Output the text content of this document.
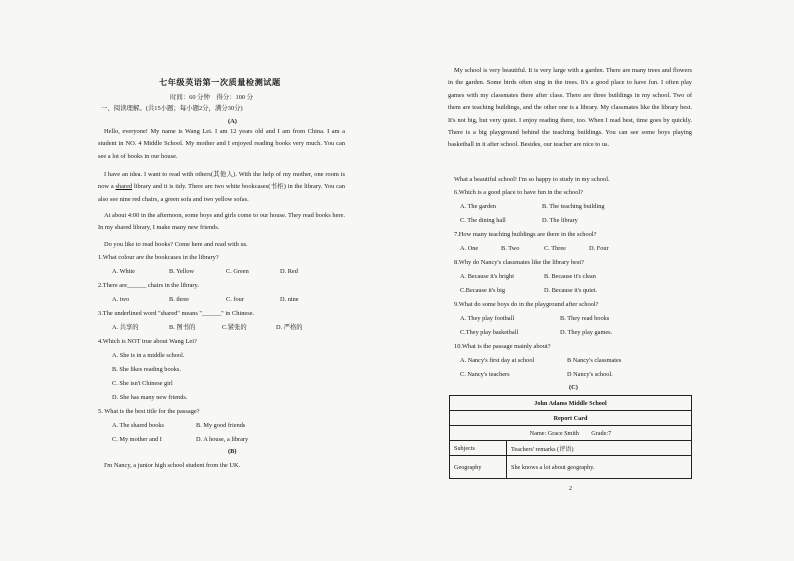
七年级英语第一次质量检测试题
时间：60 分钟　得分：100 分
一、阅读理解。(共15小题；每小题2分，满分30分)
(A)
Hello, everyone! My name is Wang Lei. I am 12 years old and I am from China. I am a student in NO. 4 Middle School. My mother and I enjoyed reading books very much. You can see a lot of books in our house.
I have an idea. I want to read with others(其他人). With the help of my mother, one room is now a shared library and it is tidy. There are two white bookcases(书柜) in the library. You can also see nine red chairs, a green sofa and two yellow sofas.
At about 4:00 in the afternoon, some boys and girls come to our house. They read books here. In my shared library, I make many new friends.
Do you like to read books? Come here and read with us.
1.What colour are the bookcases in the library?
A. White	B. Yellow	C. Green	D. Red
2.There are______ chairs in the library.
A. two	B. three	C. four	D. nine
3.The underlined word "shared" means "______" in Chinese.
A. 共享的	B. 图书的	C.紧张的	D. 严格的
4.Which is NOT true about Wang Lei?
A. She is in a middle school.
B. She likes reading books.
C. She isn't Chinese girl
D. She has many new friends.
5. What is the best title for the passage?
A. The shared books	B. My good friends
C. My mother and I	D. A house, a library
(B)
I'm Nancy, a junior high school student from the UK.
My school is very beautiful. It is very large with a garden. There are many trees and flowers in the garden. Some birds often sing in the trees. It's a good place to have fun. I often play games with my classmates there after class. There are three buildings in my school. Two of them are teaching buildings, and the other one is a library. My classmates like the library best. It's not big, but very quiet. I enjoy reading there, too. When I read best, time goes by quickly. There is a big playground behind the teaching buildings. You can see some boys playing basketball in it after school. Besides, our teacher are nice to us.
What a beautiful school! I'm so happy to study in my school.
6.Which is a good place to have fun in the school?
A. The garden	B. The teaching building
C. The dining hall	D. The library
7.How many teaching buildings are there in the school?
A. One	B. Two	C. Three	D. Four
8.Why do Nancy's classmates like the library best?
A. Because it's bright	B. Because it's clean
C.Because it's big	D. Because it's quiet.
9.What do some boys do in the playground after school?
A. They play football	B. They read books
C.They play basketball	D. They play games.
10.What is the passage mainly about?
A. Nancy's first day at school	B Nancy's classmates
C. Nancy's teachers	D Nancy's school.
(C)
John Adams Middle School	
Report Card	
Name: Grace Smith Grade:7	
Subjects	Teachers' remarks (评语)
Geography	She knows a lot about geography.
2
